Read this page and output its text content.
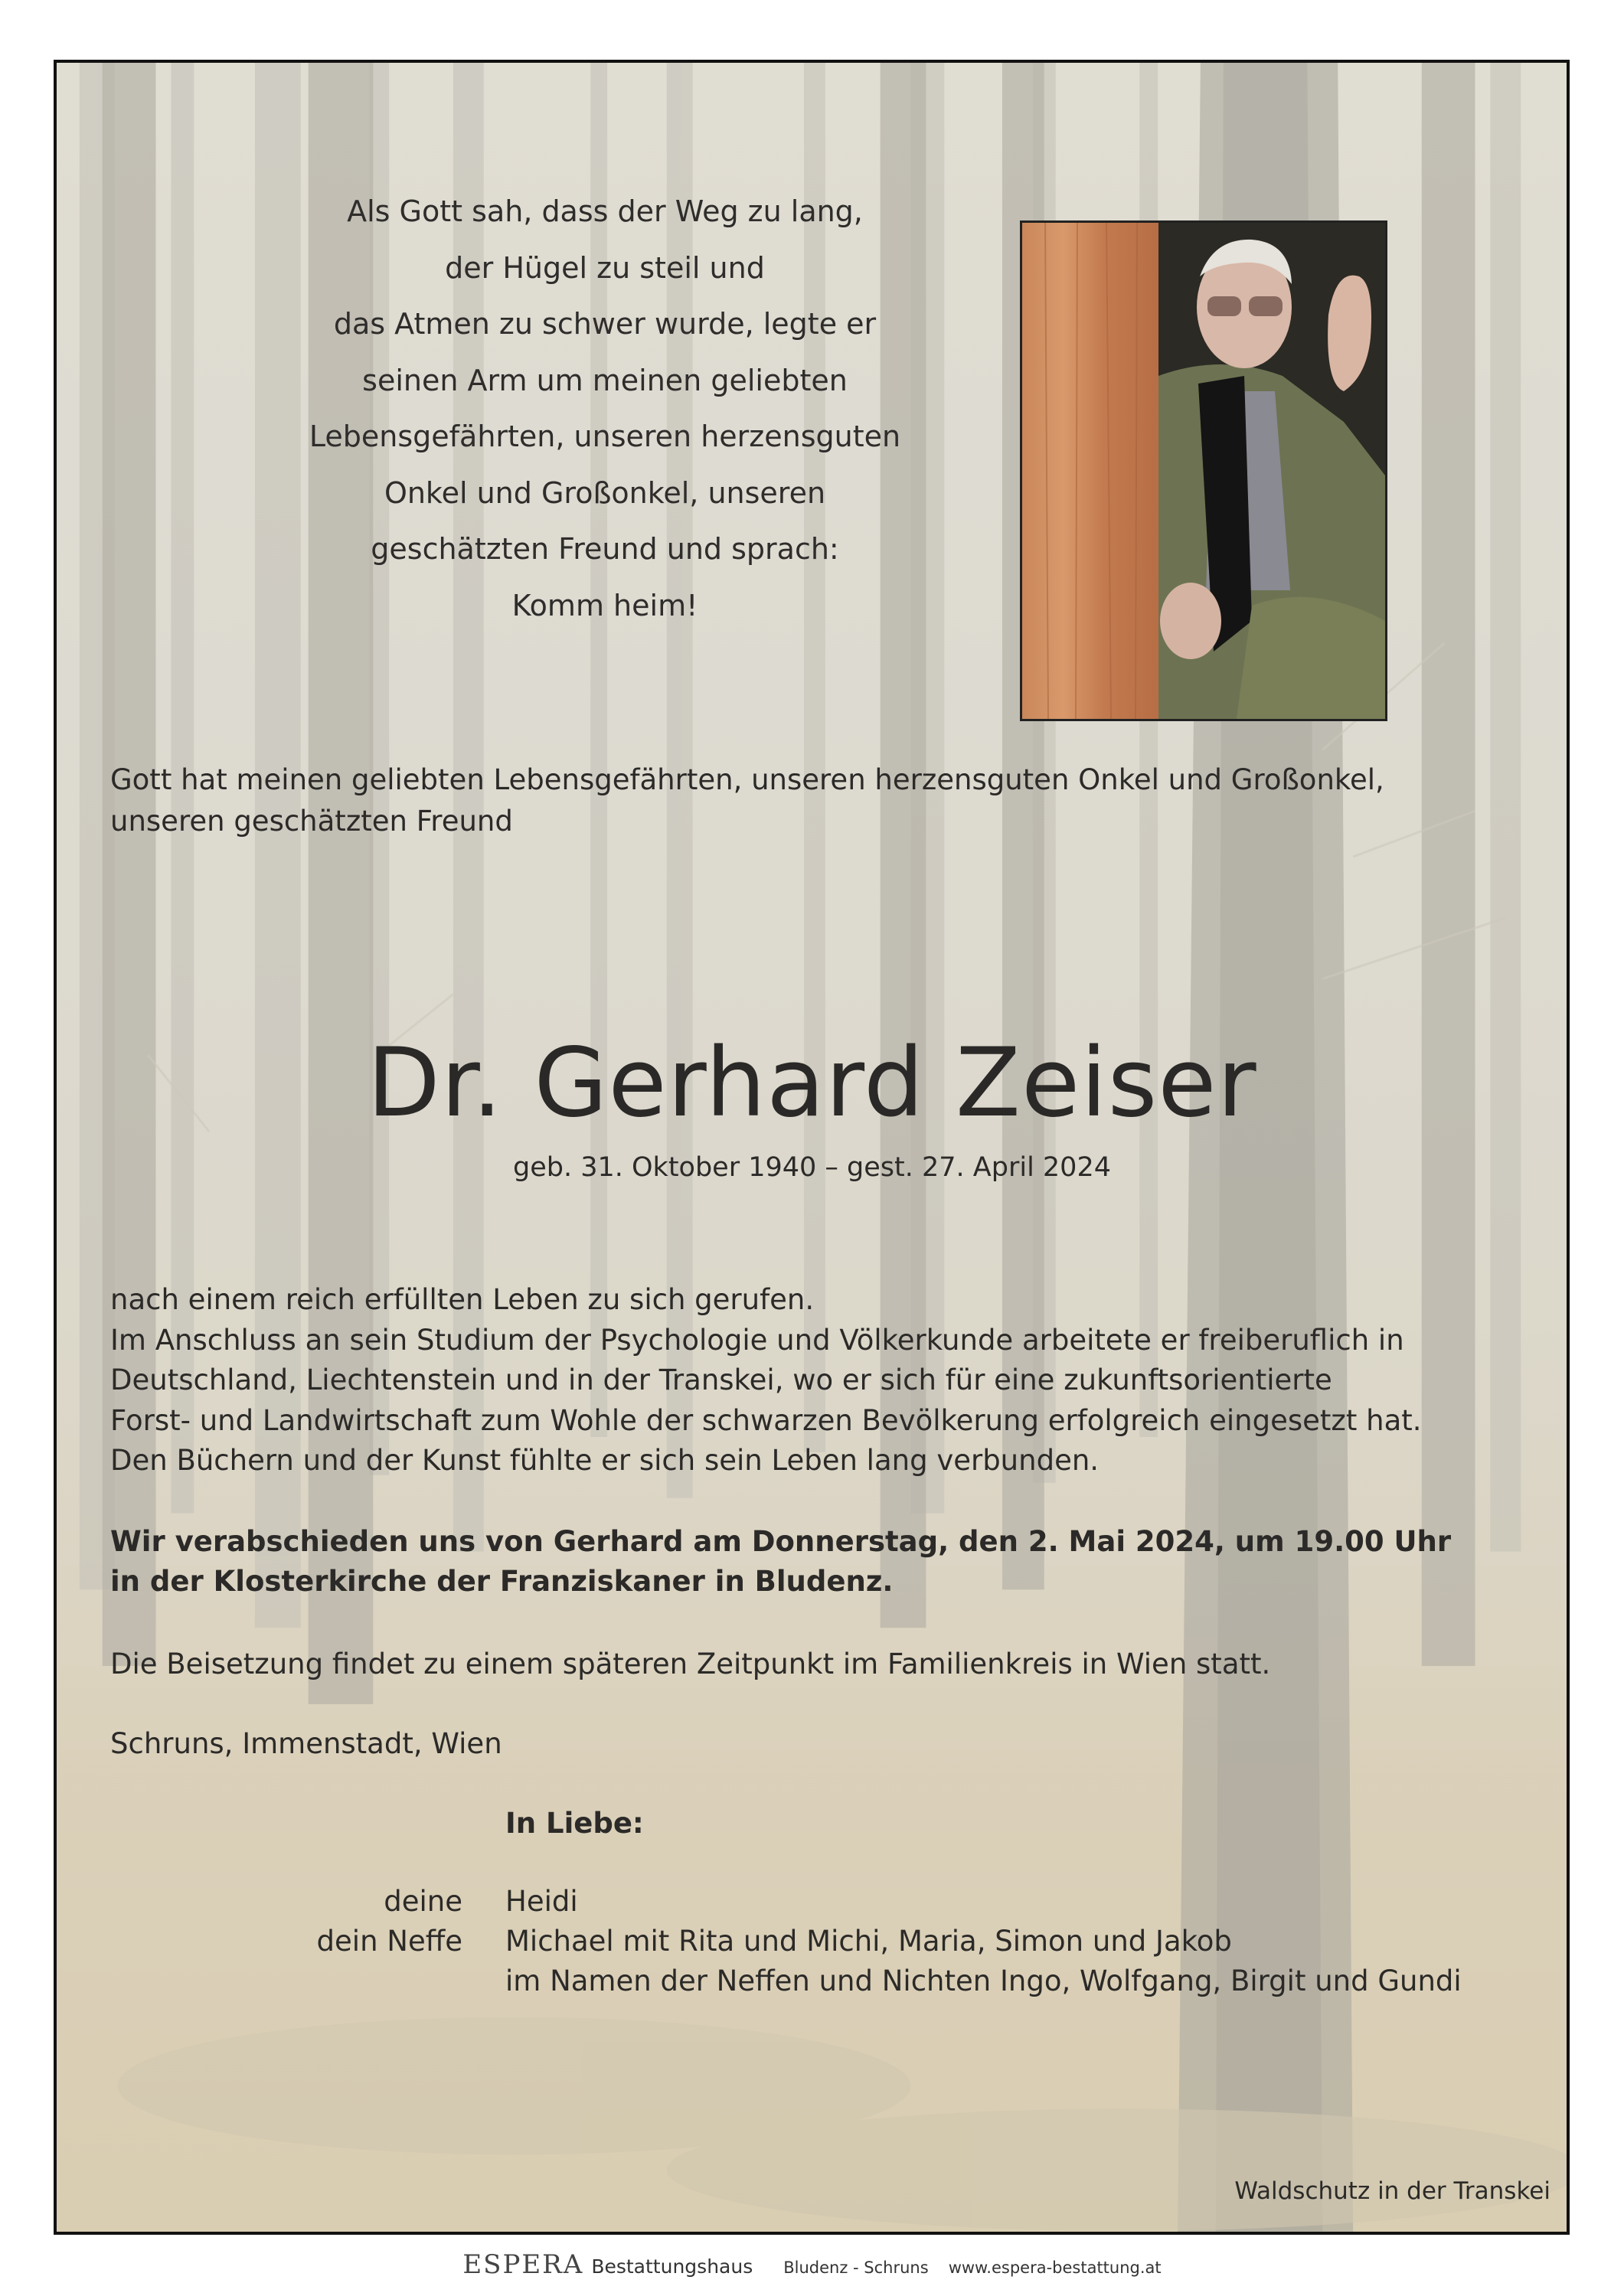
Als Gott sah, dass der Weg zu lang,
der Hügel zu steil und
das Atmen zu schwer wurde, legte er
seinen Arm um meinen geliebten
Lebensgefährten, unseren herzensguten
Onkel und Großonkel, unseren
geschätzten Freund und sprach:
Komm heim!
Gott hat meinen geliebten Lebensgefährten, unseren herzensguten Onkel und Großonkel,
unseren geschätzten Freund
Dr. Gerhard Zeiser
geb. 31. Oktober 1940 – gest. 27. April 2024
nach einem reich erfüllten Leben zu sich gerufen.
Im Anschluss an sein Studium der Psychologie und Völkerkunde arbeitete er freiberuflich in
Deutschland, Liechtenstein und in der Transkei, wo er sich für eine zukunftsorientierte
Forst- und Landwirtschaft zum Wohle der schwarzen Bevölkerung erfolgreich eingesetzt hat.
Den Büchern und der Kunst fühlte er sich sein Leben lang verbunden.
Wir verabschieden uns von Gerhard am Donnerstag, den 2. Mai 2024, um 19.00 Uhr
in der Klosterkirche der Franziskaner in Bludenz.
Die Beisetzung findet zu einem späteren Zeitpunkt im Familienkreis in Wien statt.
Schruns, Immenstadt, Wien
In Liebe:
deine	Heidi
dein Neffe	Michael mit Rita und Michi, Maria, Simon und Jakob
im Namen der Neffen und Nichten Ingo, Wolfgang, Birgit und Gundi
Waldschutz in der Transkei
ESPERA Bestattungshaus Bludenz - Schruns www.espera-bestattung.at
